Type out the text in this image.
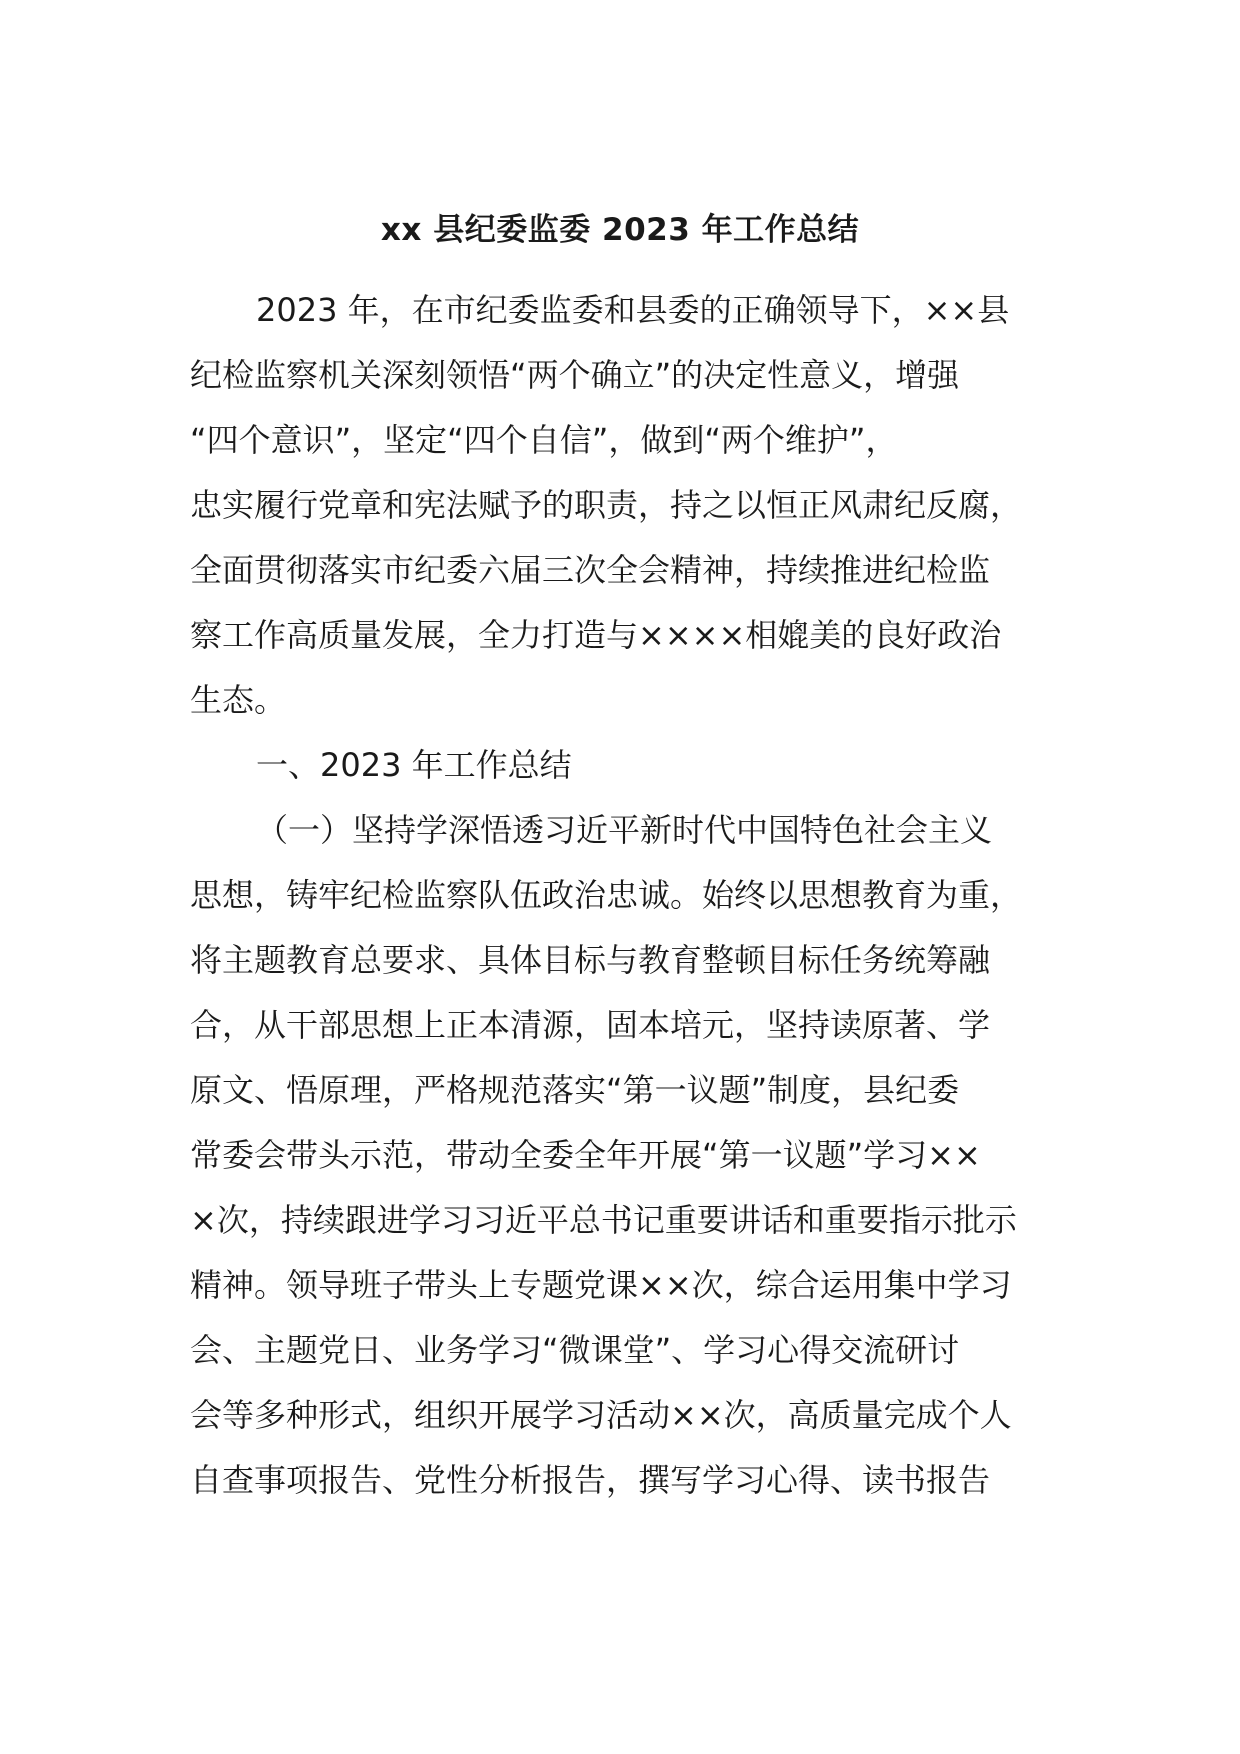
xx 县纪委监委 2023 年工作总结
2023 年，在市纪委监委和县委的正确领导下，××县
纪检监察机关深刻领悟“两个确立”的决定性意义，增强
“四个意识”，坚定“四个自信”，做到“两个维护”，
忠实履行党章和宪法赋予的职责，持之以恒正风肃纪反腐，
全面贯彻落实市纪委六届三次全会精神，持续推进纪检监
察工作高质量发展，全力打造与××××相媲美的良好政治
生态。
一、2023 年工作总结
（一）坚持学深悟透习近平新时代中国特色社会主义
思想，铸牢纪检监察队伍政治忠诚。始终以思想教育为重，
将主题教育总要求、具体目标与教育整顿目标任务统筹融
合，从干部思想上正本清源，固本培元，坚持读原著、学
原文、悟原理，严格规范落实“第一议题”制度，县纪委
常委会带头示范，带动全委全年开展“第一议题”学习××
×次，持续跟进学习习近平总书记重要讲话和重要指示批示
精神。领导班子带头上专题党课××次，综合运用集中学习
会、主题党日、业务学习“微课堂”、学习心得交流研讨
会等多种形式，组织开展学习活动××次，高质量完成个人
自查事项报告、党性分析报告，撰写学习心得、读书报告
